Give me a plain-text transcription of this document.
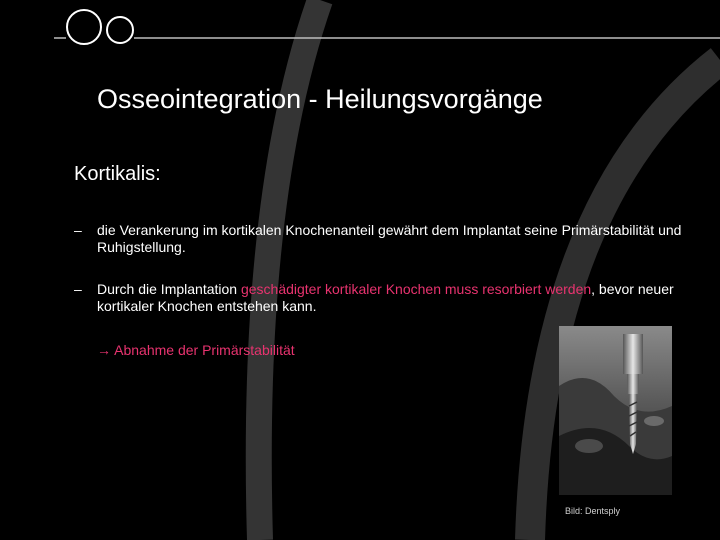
Osseointegration - Heilungsvorgänge
Kortikalis:
– die Verankerung im kortikalen Knochenanteil gewährt dem Implantat seine Primärstabilität und Ruhigstellung.
– Durch die Implantation geschädigter kortikaler Knochen muss resorbiert werden, bevor neuer kortikaler Knochen entstehen kann.
→ Abnahme der Primärstabilität
Bild: Dentsply
